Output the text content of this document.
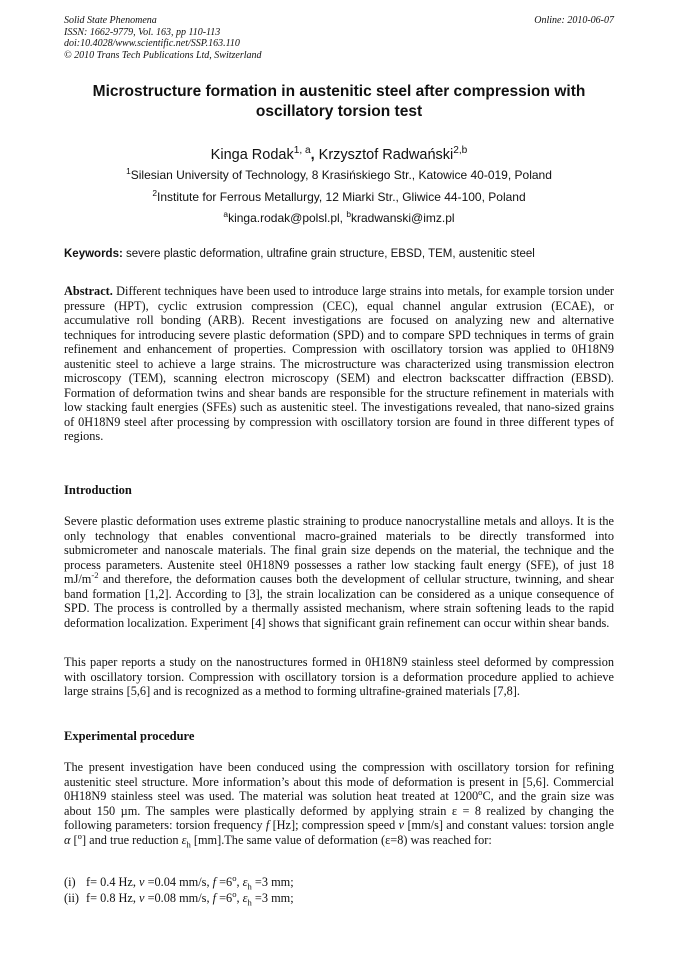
Solid State Phenomena
ISSN: 1662-9779, Vol. 163, pp 110-113
doi:10.4028/www.scientific.net/SSP.163.110
© 2010 Trans Tech Publications Ltd, Switzerland
Online: 2010-06-07
Microstructure formation in austenitic steel after compression with oscillatory torsion test
Kinga Rodak$^{1, a}$, Krzysztof Radwański$^{2,b}$
$^1$Silesian University of Technology, 8 Krasińskiego Str., Katowice 40-019, Poland
$^2$Institute for Ferrous Metallurgy, 12 Miarki Str., Gliwice 44-100, Poland
$^a$kinga.rodak@polsl.pl, $^b$kradwanski@imz.pl
Keywords: severe plastic deformation, ultrafine grain structure, EBSD, TEM, austenitic steel
Abstract. Different techniques have been used to introduce large strains into metals, for example torsion under pressure (HPT), cyclic extrusion compression (CEC), equal channel angular extrusion (ECAE), or accumulative roll bonding (ARB). Recent investigations are focused on analyzing new and alternative techniques for introducing severe plastic deformation (SPD) and to compare SPD techniques in terms of grain refinement and enhancement of properties. Compression with oscillatory torsion was applied to 0H18N9 austenitic steel to achieve a large strains. The microstructure was characterized using transmission electron microscopy (TEM), scanning electron microscopy (SEM) and electron backscatter diffraction (EBSD). Formation of deformation twins and shear bands are responsible for the structure refinement in materials with low stacking fault energies (SFEs) such as austenitic steel. The investigations revealed, that nano-sized grains of 0H18N9 steel after processing by compression with oscillatory torsion are found in three different types of regions.
Introduction
Severe plastic deformation uses extreme plastic straining to produce nanocrystalline metals and alloys. It is the only technology that enables conventional macro-grained materials to be directly transformed into submicrometer and nanoscale materials. The final grain size depends on the material, the technique and the process parameters. Austenite steel 0H18N9 possesses a rather low stacking fault energy (SFE), of just 18 $mJ/m^{-2}$ and therefore, the deformation causes both the development of cellular structure, twinning, and shear band formation [1,2]. According to [3], the strain localization can be considered as a unique consequence of SPD. The process is controlled by a thermally assisted mechanism, where strain softening leads to the rapid deformation localization. Experiment [4] shows that significant grain refinement can occur within shear bands.
This paper reports a study on the nanostructures formed in 0H18N9 stainless steel deformed by compression with oscillatory torsion. Compression with oscillatory torsion is a deformation procedure applied to achieve large strains [5,6] and is recognized as a method to forming ultrafine-grained materials [7,8].
Experimental procedure
The present investigation have been conduced using the compression with oscillatory torsion for refining austenitic steel structure. More information’s about this mode of deformation is present in [5,6]. Commercial 0H18N9 stainless steel was used. The material was solution heat treated at 1200$^o$C, and the grain size was about 150 µm. The samples were plastically deformed by applying strain ε = 8 realized by changing the following parameters: torsion frequency f [Hz]; compression speed v [mm/s] and constant values: torsion angle α [$^o$] and true reduction $\varepsilon_h$ [mm].The same value of deformation (ε=8) was reached for:
(i) f= 0.4 Hz, v =0.04 mm/s, $f =6^o$, $\varepsilon_h =3$ mm;
(ii) f= 0.8 Hz, v =0.08 mm/s, $f =6^o$, $\varepsilon_h =3$ mm;
